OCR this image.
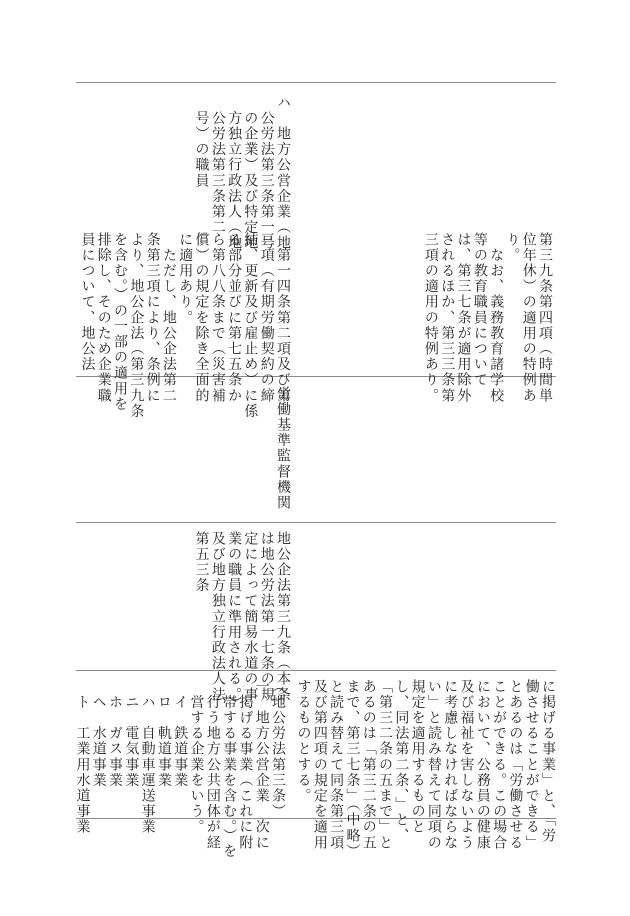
第三九条第四項（時間単
位年休）の適用の特例あ
り。
　なお、義務教育諸学校
等の教育職員について
は、第三七条が適用除外
されるほか、第三三条第
三項の適用の特例あり。
ハ　地方公営企業（地
　公労法第三条第一号
　の企業）及び特定地
　方独立行政法人（地
　公労法第三条第二
　号）の職員
　第一四条第二項及び第
三項（有期労働契約の締
結、更新及び雇止め）に係
る部分並びに第七五条か
ら第八八条まで（災害補
償）の規定を除き全面的
に適用あり。
　ただし、地公企法第二
条第三項により、条例に
より、地公企法（第三九条
を含む。）の一部の適用を
排除し、そのため企業職
員について、地公法
労働基準監督機関
地公企法第三九条（本条
は地公労法第一七条の規
定によって簡易水道の事
業の職員に準用される。）
及び地方独立行政法人法
第五三条
に掲げる事業」と、「労
働させることができる」
とあるのは「労働させる
ことができる。この場合
において、公務員の健康
及び福祉を害しないよう
に考慮しなければならな
い」と読み替えて同項の
規定を適用するものと
し、同法第二条、」と、
「第三二条の五まで」と
あるのは「第三二条の五
まで、第三七条」（中略）
と読み替えて同条第三項
及び第四項の規定を適用
するものとする。
（地公労法第三条）
一　地方公営企業　次に
　掲げる事業（これに附
　帯する事業を含む。）を
　行う地方公共団体が経
　営する企業をいう。
　イ　鉄道事業
　ロ　軌道事業
　ハ　自動車運送事業
　ニ　電気事業
　ホ　ガス事業
　ヘ　水道事業
　ト　工業用水道事業
